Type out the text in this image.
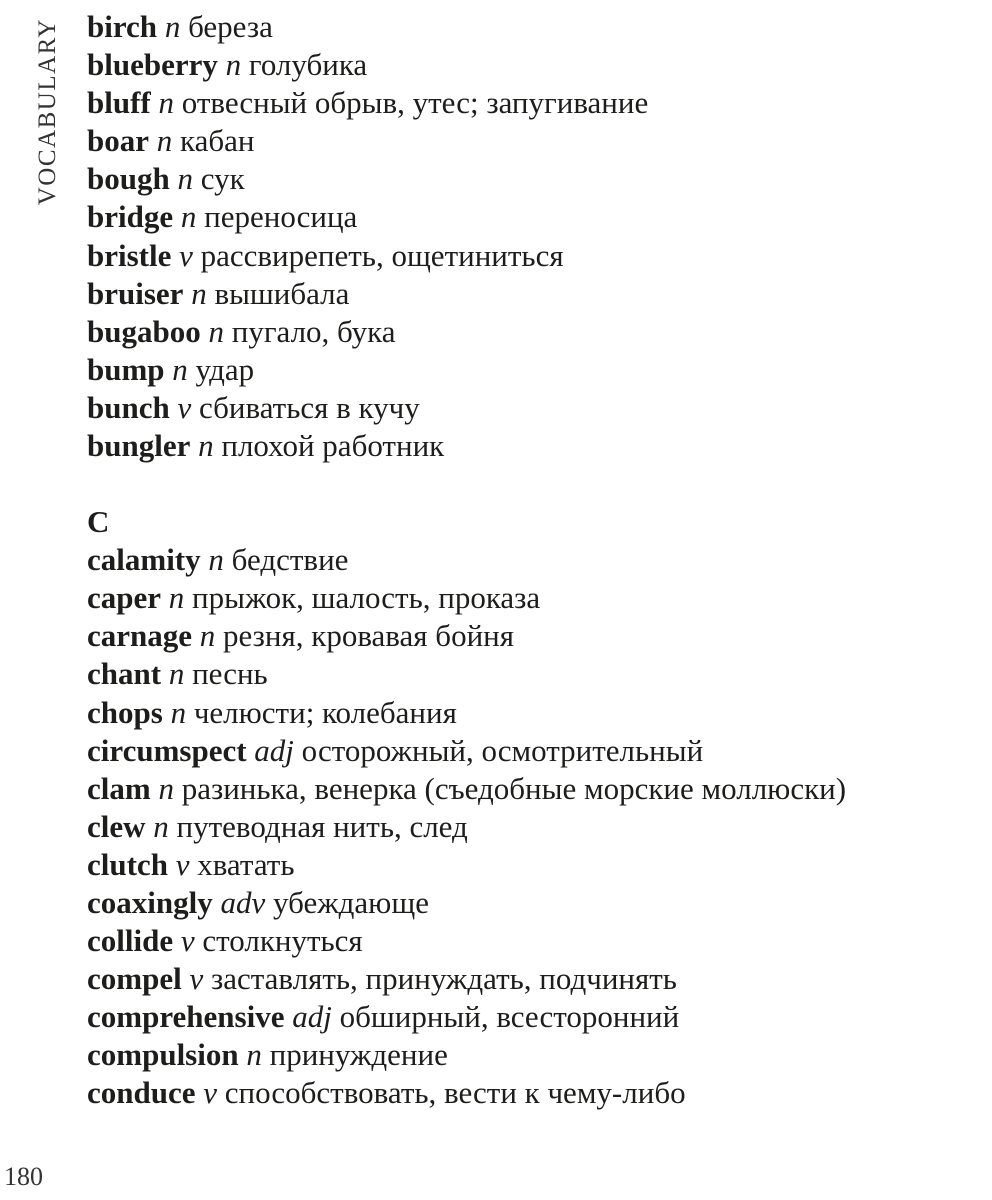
VOCABULARY birch n береза
blueberry n голубика
bluff n отвесный обрыв, утес; запугивание
boar n кабан
bough n сук
bridge n переносица
bristle v рассвирепеть, ощетиниться
bruiser n вышибала
bugaboo n пугало, бука
bump n удар
bunch v сбиваться в кучу
bungler n плохой работник
C
calamity n бедствие
caper n прыжок, шалость, проказа
carnage n резня, кровавая бойня
chant n песнь
chops n челюсти; колебания
circumspect adj осторожный, осмотрительный
clam n разинька, венерка (съедобные морские моллюски)
clew n путеводная нить, след
clutch v хватать
coaxingly adv убеждающе
collide v столкнуться
compel v заставлять, принуждать, подчинять
comprehensive adj обширный, всесторонний
compulsion n принуждение
conduce v способствовать, вести к чему-либо
180
